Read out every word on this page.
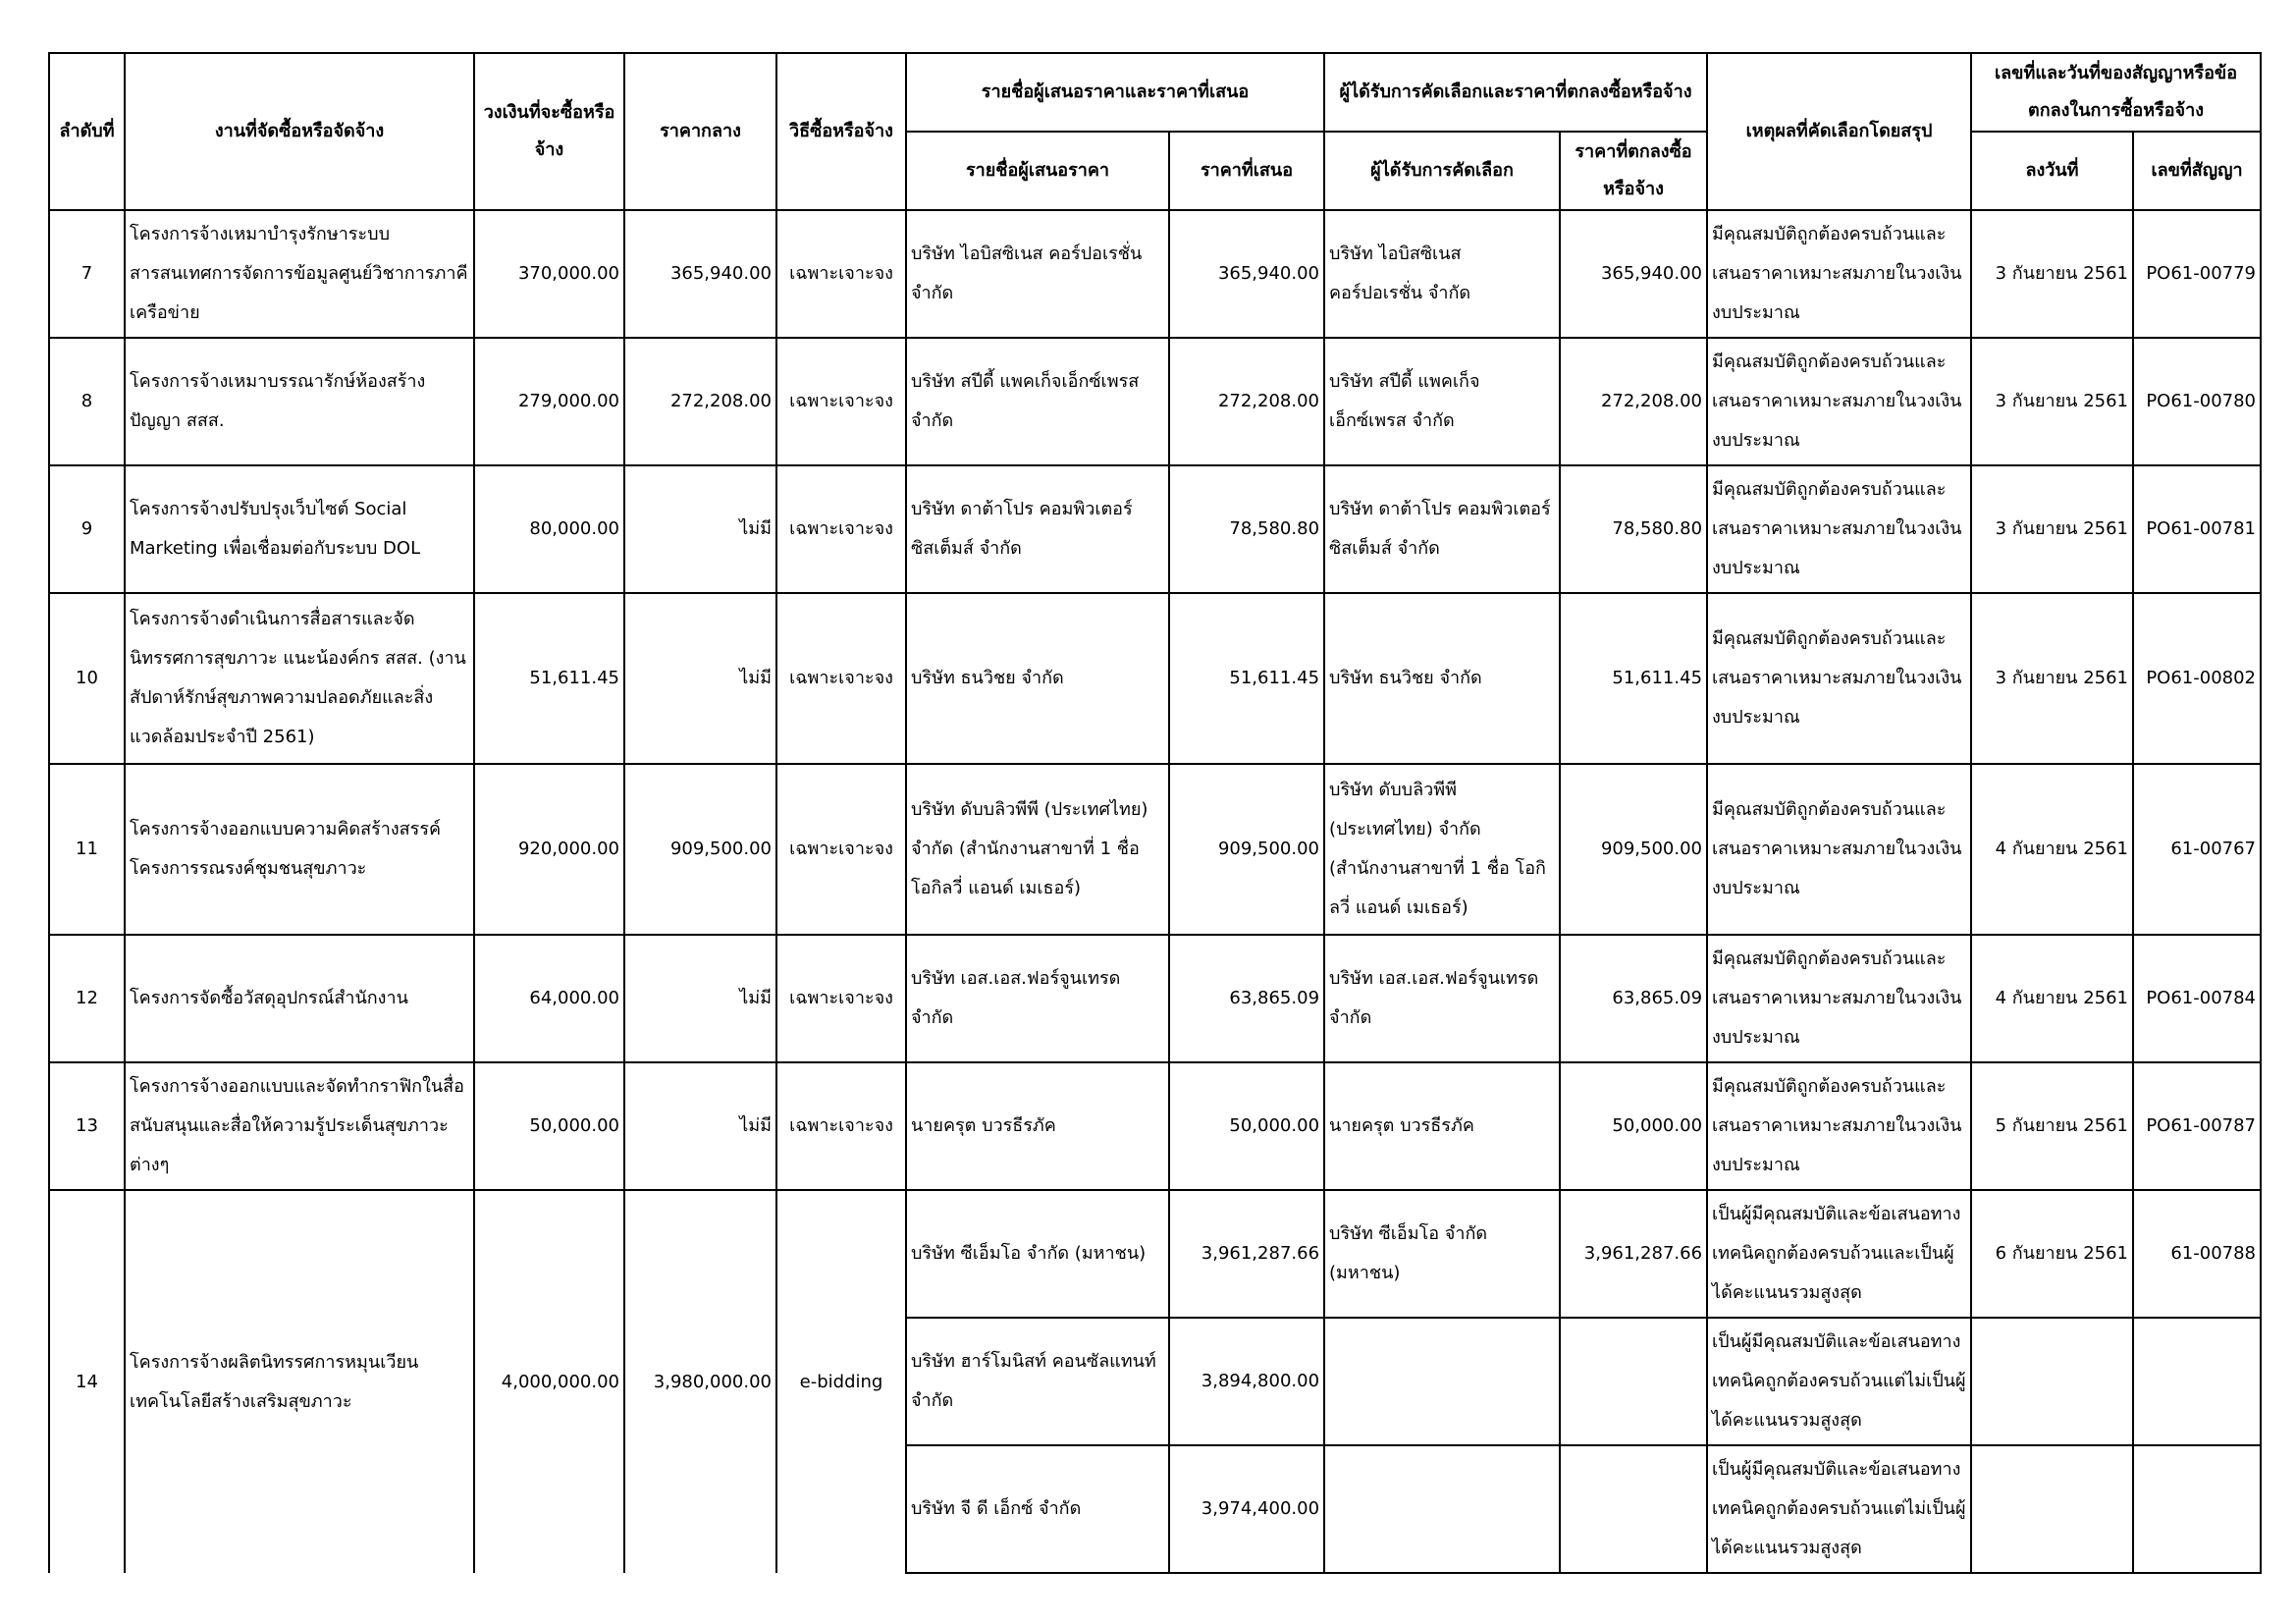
ลำดับที่	งานที่จัดซื้อหรือจัดจ้าง	วงเงินที่จะซื้อหรือจ้าง	ราคากลาง	วิธีซื้อหรือจ้าง	รายชื่อผู้เสนอราคาและราคาที่เสนอ		ผู้ได้รับการคัดเลือกและราคาที่ตกลงซื้อหรือจ้าง		เหตุผลที่คัดเลือกโดยสรุป	เลขที่และวันที่ของสัญญาหรือข้อตกลงในการซื้อหรือจ้าง	
					รายชื่อผู้เสนอราคา	ราคาที่เสนอ	ผู้ได้รับการคัดเลือก	ราคาที่ตกลงซื้อหรือจ้าง		ลงวันที่	เลขที่สัญญา
7	โครงการจ้างเหมาบำรุงรักษาระบบสารสนเทศการจัดการข้อมูลศูนย์วิชาการภาคีเครือข่าย	370,000.00	365,940.00	เฉพาะเจาะจง	บริษัท ไอบิสซิเนส คอร์ปอเรชั่น จำกัด	365,940.00	บริษัท ไอบิสซิเนส คอร์ปอเรชั่น จำกัด	365,940.00	มีคุณสมบัติถูกต้องครบถ้วนและเสนอราคาเหมาะสมภายในวงเงินงบประมาณ	3 กันยายน 2561	PO61-00779
8	โครงการจ้างเหมาบรรณารักษ์ห้องสร้างปัญญา สสส.	279,000.00	272,208.00	เฉพาะเจาะจง	บริษัท สปีดี้ แพคเก็จเอ็กซ์เพรส จำกัด	272,208.00	บริษัท สปีดี้ แพคเก็จเอ็กซ์เพรส จำกัด	272,208.00	มีคุณสมบัติถูกต้องครบถ้วนและเสนอราคาเหมาะสมภายในวงเงินงบประมาณ	3 กันยายน 2561	PO61-00780
9	โครงการจ้างปรับปรุงเว็บไซต์ Social Marketing เพื่อเชื่อมต่อกับระบบ DOL	80,000.00	ไม่มี	เฉพาะเจาะจง	บริษัท ดาต้าโปร คอมพิวเตอร์ซิสเต็มส์ จำกัด	78,580.80	บริษัท ดาต้าโปร คอมพิวเตอร์ซิสเต็มส์ จำกัด	78,580.80	มีคุณสมบัติถูกต้องครบถ้วนและเสนอราคาเหมาะสมภายในวงเงินงบประมาณ	3 กันยายน 2561	PO61-00781
10	โครงการจ้างดำเนินการสื่อสารและจัดนิทรรศการสุขภาวะ แนะน้องค์กร สสส. (งานสัปดาห์รักษ์สุขภาพความปลอดภัยและสิ่งแวดล้อมประจำปี 2561)	51,611.45	ไม่มี	เฉพาะเจาะจง	บริษัท ธนวิชย จำกัด	51,611.45	บริษัท ธนวิชย จำกัด	51,611.45	มีคุณสมบัติถูกต้องครบถ้วนและเสนอราคาเหมาะสมภายในวงเงินงบประมาณ	3 กันยายน 2561	PO61-00802
11	โครงการจ้างออกแบบความคิดสร้างสรรค์โครงการรณรงค์ชุมชนสุขภาวะ	920,000.00	909,500.00	เฉพาะเจาะจง	บริษัท ดับบลิวพีพี (ประเทศไทย) จำกัด (สำนักงานสาขาที่ 1 ชื่อ โอกิลวี่ แอนด์ เมเธอร์)	909,500.00	บริษัท ดับบลิวพีพี (ประเทศไทย) จำกัด (สำนักงานสาขาที่ 1 ชื่อ โอกิลวี่ แอนด์ เมเธอร์)	909,500.00	มีคุณสมบัติถูกต้องครบถ้วนและเสนอราคาเหมาะสมภายในวงเงินงบประมาณ	4 กันยายน 2561	61-00767
12	โครงการจัดซื้อวัสดุอุปกรณ์สำนักงาน	64,000.00	ไม่มี	เฉพาะเจาะจง	บริษัท เอส.เอส.ฟอร์จูนเทรด จำกัด	63,865.09	บริษัท เอส.เอส.ฟอร์จูนเทรด จำกัด	63,865.09	มีคุณสมบัติถูกต้องครบถ้วนและเสนอราคาเหมาะสมภายในวงเงินงบประมาณ	4 กันยายน 2561	PO61-00784
13	โครงการจ้างออกแบบและจัดทำกราฟิกในสื่อสนับสนุนและสื่อให้ความรู้ประเด็นสุขภาวะต่างๆ	50,000.00	ไม่มี	เฉพาะเจาะจง	นายครุต บวรธีรภัค	50,000.00	นายครุต บวรธีรภัค	50,000.00	มีคุณสมบัติถูกต้องครบถ้วนและเสนอราคาเหมาะสมภายในวงเงินงบประมาณ	5 กันยายน 2561	PO61-00787
14	โครงการจ้างผลิตนิทรรศการหมุนเวียนเทคโนโลยีสร้างเสริมสุขภาวะ	4,000,000.00	3,980,000.00	e-bidding	บริษัท ซีเอ็มโอ จำกัด (มหาชน)	3,961,287.66	บริษัท ซีเอ็มโอ จำกัด (มหาชน)	3,961,287.66	เป็นผู้มีคุณสมบัติและข้อเสนอทางเทคนิคถูกต้องครบถ้วนและเป็นผู้ได้คะแนนรวมสูงสุด	6 กันยายน 2561	61-00788
					บริษัท ฮาร์โมนิสท์ คอนซัลแทนท์ จำกัด	3,894,800.00			เป็นผู้มีคุณสมบัติและข้อเสนอทางเทคนิคถูกต้องครบถ้วนแต่ไม่เป็นผู้ได้คะแนนรวมสูงสุด		
					บริษัท จี ดี เอ็กซ์ จำกัด	3,974,400.00			เป็นผู้มีคุณสมบัติและข้อเสนอทางเทคนิคถูกต้องครบถ้วนแต่ไม่เป็นผู้ได้คะแนนรวมสูงสุด		
